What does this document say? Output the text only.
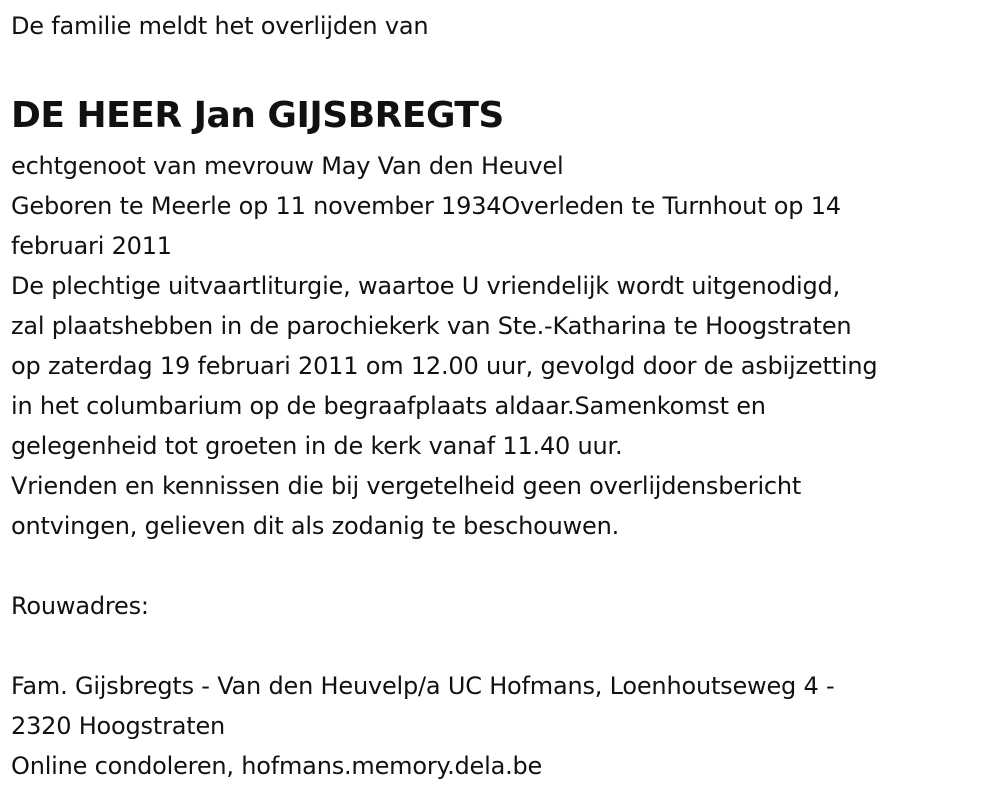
De familie meldt het overlijden van
DE HEER Jan GIJSBREGTS
echtgenoot van mevrouw May Van den Heuvel
Geboren te Meerle op 11 november 1934Overleden te Turnhout op 14
februari 2011
De plechtige uitvaartliturgie, waartoe U vriendelijk wordt uitgenodigd,
zal plaatshebben in de parochiekerk van Ste.-Katharina te Hoogstraten
op zaterdag 19 februari 2011 om 12.00 uur, gevolgd door de asbijzetting
in het columbarium op de begraafplaats aldaar.Samenkomst en
gelegenheid tot groeten in de kerk vanaf 11.40 uur.
Vrienden en kennissen die bij vergetelheid geen overlijdensbericht
ontvingen, gelieven dit als zodanig te beschouwen.
Rouwadres:
Fam. Gijsbregts - Van den Heuvelp/a UC Hofmans, Loenhoutseweg 4 -
2320 Hoogstraten
Online condoleren, hofmans.memory.dela.be
